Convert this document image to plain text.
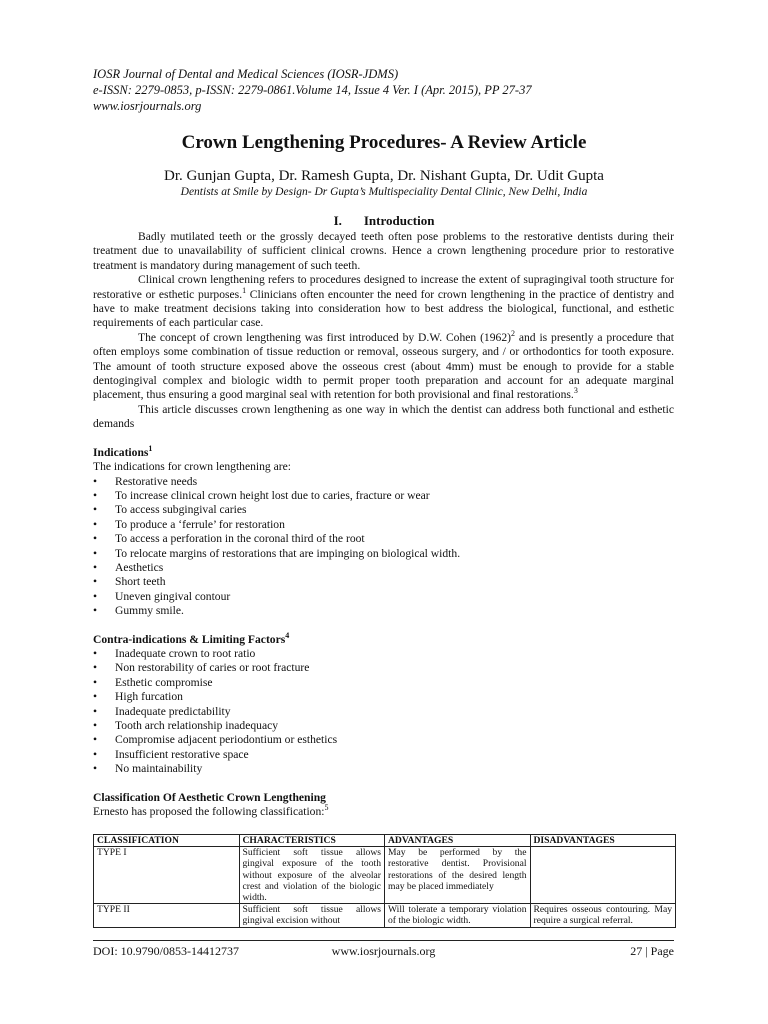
IOSR Journal of Dental and Medical Sciences (IOSR-JDMS)
e-ISSN: 2279-0853, p-ISSN: 2279-0861.Volume 14, Issue 4 Ver. I (Apr. 2015), PP 27-37
www.iosrjournals.org
Crown Lengthening Procedures- A Review Article
Dr. Gunjan Gupta, Dr. Ramesh Gupta, Dr. Nishant Gupta, Dr. Udit Gupta
Dentists at Smile by Design- Dr Gupta’s Multispeciality Dental Clinic, New Delhi, India
I. Introduction

Badly mutilated teeth or the grossly decayed teeth often pose problems to the restorative dentists during their treatment due to unavailability of sufficient clinical crowns. Hence a crown lengthening procedure prior to restorative treatment is mandatory during management of such teeth.

Clinical crown lengthening refers to procedures designed to increase the extent of supragingival tooth structure for restorative or esthetic purposes.$^1$ Clinicians often encounter the need for crown lengthening in the practice of dentistry and have to make treatment decisions taking into consideration how to best address the biological, functional, and esthetic requirements of each particular case.

The concept of crown lengthening was first introduced by D.W. Cohen $(1962)^2$ and is presently a procedure that often employs some combination of tissue reduction or removal, osseous surgery, and / or orthodontics for tooth exposure. The amount of tooth structure exposed above the osseous crest (about 4mm) must be enough to provide for a stable dentogingival complex and biologic width to permit proper tooth preparation and account for an adequate marginal placement, thus ensuring a good marginal seal with retention for both provisional and final restorations.$^3$

This article discusses crown lengthening as one way in which the dentist can address both functional and esthetic demands

Indications$^1$
The indications for crown lengthening are:
• Restorative needs
• To increase clinical crown height lost due to caries, fracture or wear
• To access subgingival caries
• To produce a ‘ferrule’ for restoration
• To access a perforation in the coronal third of the root
• To relocate margins of restorations that are impinging on biological width.
• Aesthetics
• Short teeth
• Uneven gingival contour
• Gummy smile.
Contra-indications & Limiting Factors$^4$
• Inadequate crown to root ratio
• Non restorability of caries or root fracture
• Esthetic compromise
• High furcation
• Inadequate predictability
• Tooth arch relationship inadequacy
• Compromise adjacent periodontium or esthetics
• Insufficient restorative space
• No maintainability
Classification Of Aesthetic Crown Lengthening
Ernesto has proposed the following classification:$^5$
CLASSIFICATION	CHARACTERISTICS	ADVANTAGES	DISADVANTAGES
TYPE I	Sufficient soft tissue allows gingival exposure of the tooth without exposure of the alveolar crest and violation of the biologic width.	May be performed by the restorative dentist. Provisional restorations of the desired length may be placed immediately	
TYPE II	Sufficient soft tissue allows gingival excision without	Will tolerate a temporary violation of the biologic width.	Requires osseous contouring. May require a surgical referral.
DOI: 10.9790/0853-14412737	www.iosrjournals.org	27 | Page
